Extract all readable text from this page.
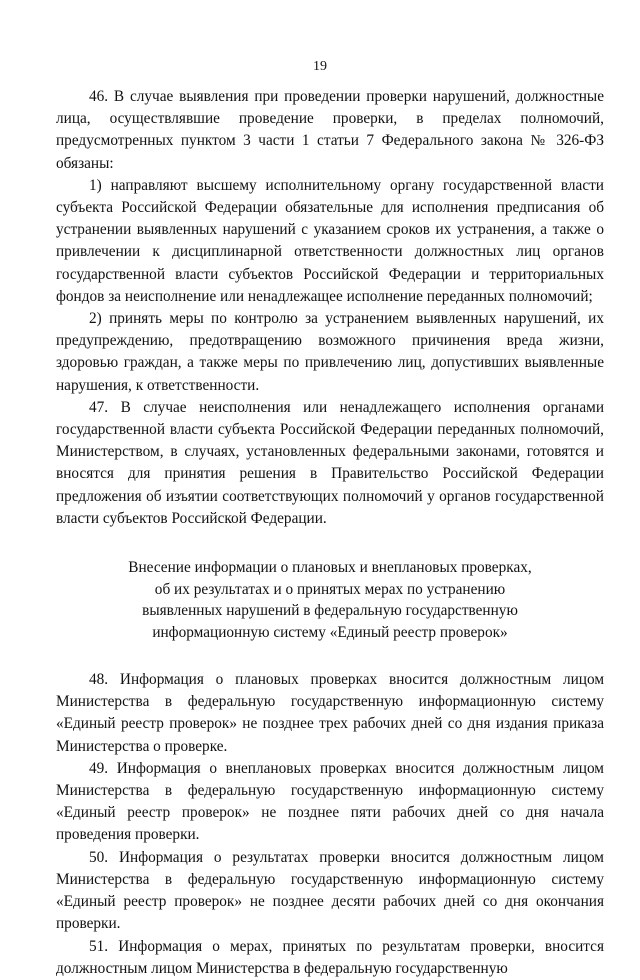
19

46. В случае выявления при проведении проверки нарушений, должностные лица, осуществлявшие проведение проверки, в пределах полномочий, предусмотренных пунктом 3 части 1 статьи 7 Федерального закона № 326-ФЗ обязаны:

1) направляют высшему исполнительному органу государственной власти субъекта Российской Федерации обязательные для исполнения предписания об устранении выявленных нарушений с указанием сроков их устранения, а также о привлечении к дисциплинарной ответственности должностных лиц органов государственной власти субъектов Российской Федерации и территориальных фондов за неисполнение или ненадлежащее исполнение переданных полномочий;

2) принять меры по контролю за устранением выявленных нарушений, их предупреждению, предотвращению возможного причинения вреда жизни, здоровью граждан, а также меры по привлечению лиц, допустивших выявленные нарушения, к ответственности.

47. В случае неисполнения или ненадлежащего исполнения органами государственной власти субъекта Российской Федерации переданных полномочий, Министерством, в случаях, установленных федеральными законами, готовятся и вносятся для принятия решения в Правительство Российской Федерации предложения об изъятии соответствующих полномочий у органов государственной власти субъектов Российской Федерации.

Внесение информации о плановых и внеплановых проверках,
об их результатах и о принятых мерах по устранению
выявленных нарушений в федеральную государственную
информационную систему «Единый реестр проверок»

48. Информация о плановых проверках вносится должностным лицом Министерства в федеральную государственную информационную систему «Единый реестр проверок» не позднее трех рабочих дней со дня издания приказа Министерства о проверке.

49. Информация о внеплановых проверках вносится должностным лицом Министерства в федеральную государственную информационную систему «Единый реестр проверок» не позднее пяти рабочих дней со дня начала проведения проверки.

50. Информация о результатах проверки вносится должностным лицом Министерства в федеральную государственную информационную систему «Единый реестр проверок» не позднее десяти рабочих дней со дня окончания проверки.

51. Информация о мерах, принятых по результатам проверки, вносится должностным лицом Министерства в федеральную государственную
